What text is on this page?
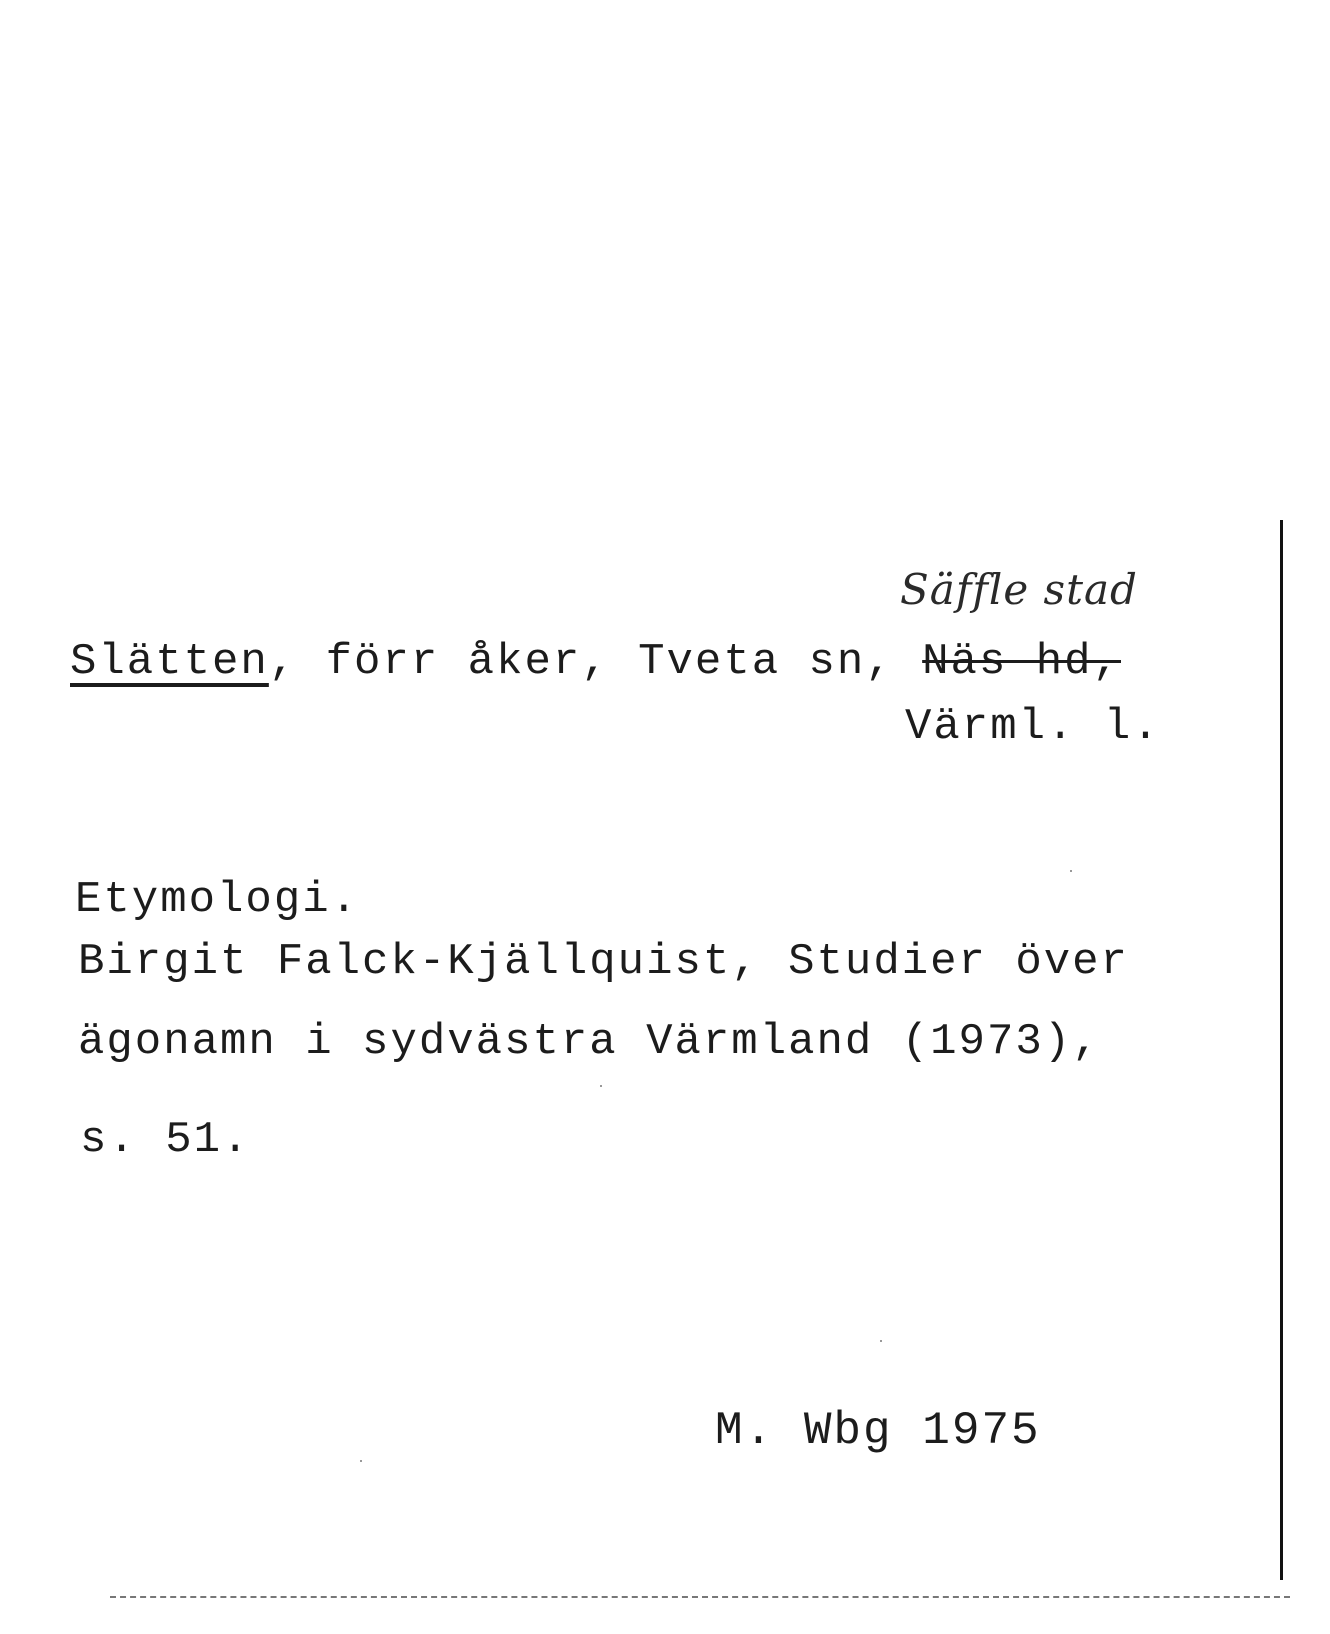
Säffle stad
Slätten, förr åker, Tveta sn, Näs hd,
Värml. l.
Etymologi.
Birgit Falck-Kjällquist, Studier över
ägonamn i sydvästra Värmland (1973),
s. 51.
M. Wbg 1975
